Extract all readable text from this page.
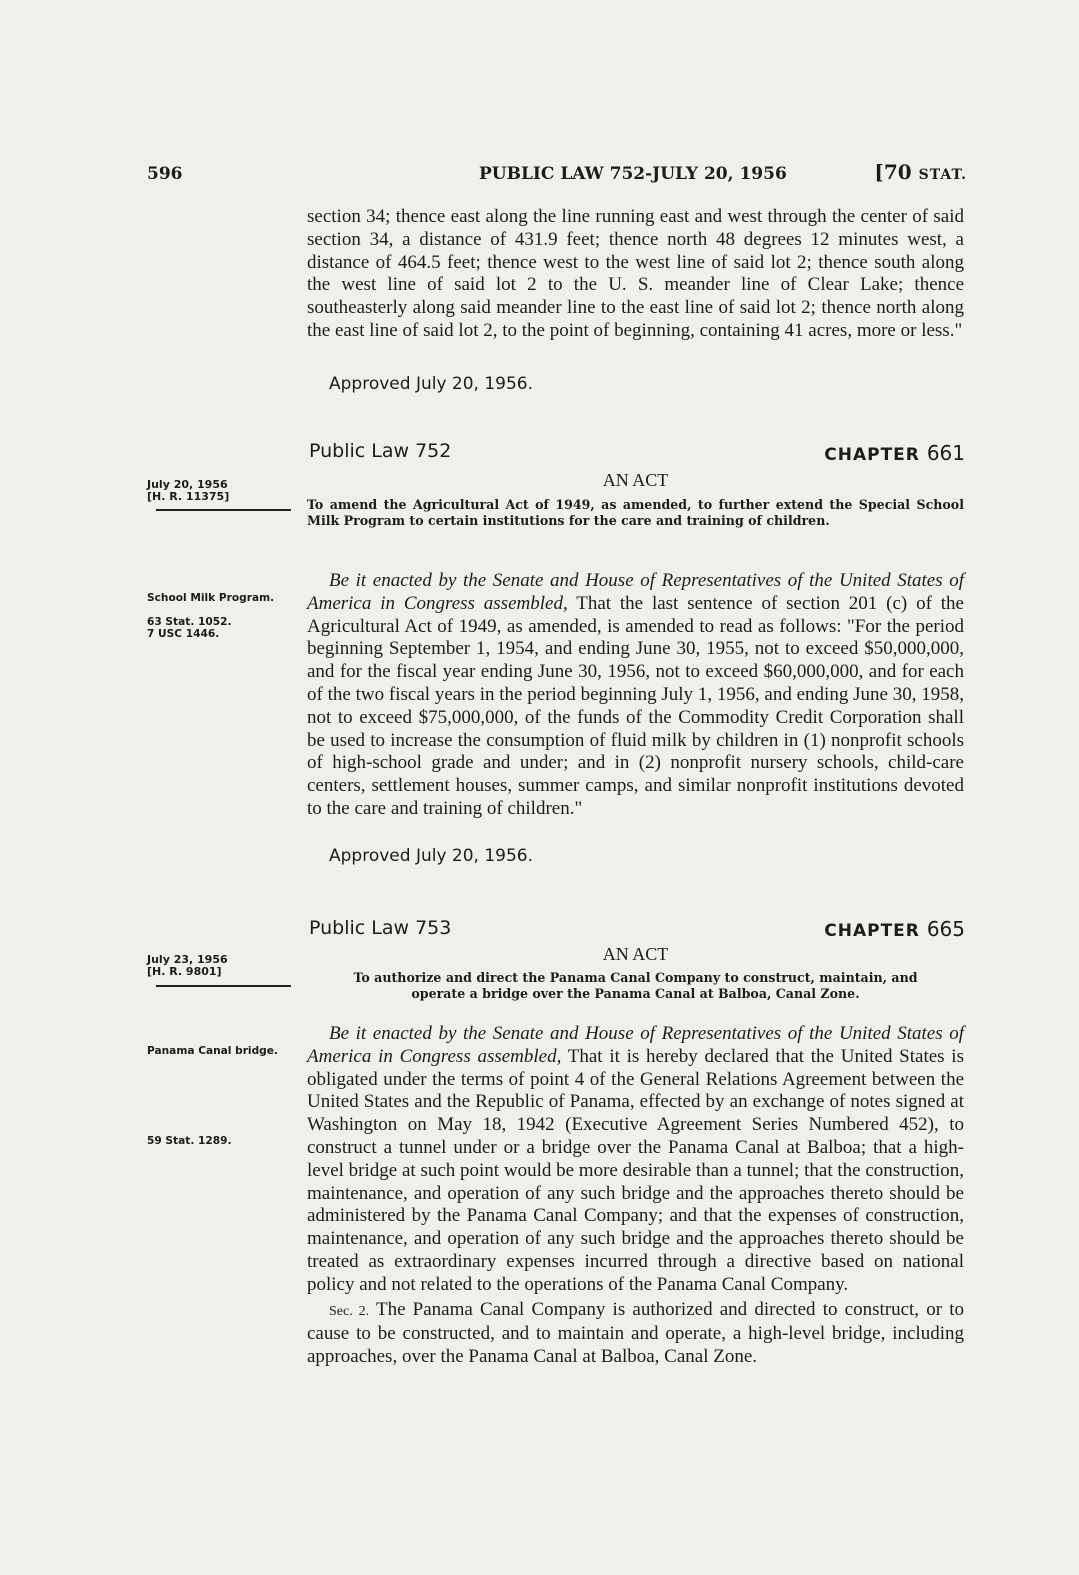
596	PUBLIC LAW 752-JULY 20, 1956	[70 STAT.

section 34; thence east along the line running east and west through the center of said section 34, a distance of 431.9 feet; thence north 48 degrees 12 minutes west, a distance of 464.5 feet; thence west to the west line of said lot 2; thence south along the west line of said lot 2 to the U. S. meander line of Clear Lake; thence southeasterly along said meander line to the east line of said lot 2; thence north along the east line of said lot 2, to the point of beginning, containing 41 acres, more or less."

Approved July 20, 1956.
Public Law 752	CHAPTER 661
AN ACT
To amend the Agricultural Act of 1949, as amended, to further extend the Special School Milk Program to certain institutions for the care and training of children.
July 20, 1956
[H. R. 11375]

Be it enacted by the Senate and House of Representatives of the United States of America in Congress assembled, That the last sentence of section 201 (c) of the Agricultural Act of 1949, as amended, is amended to read as follows: "For the period beginning September 1, 1954, and ending June 30, 1955, not to exceed $50,000,000, and for the fiscal year ending June 30, 1956, not to exceed $60,000,000, and for each of the two fiscal years in the period beginning July 1, 1956, and ending June 30, 1958, not to exceed $75,000,000, of the funds of the Commodity Credit Corporation shall be used to increase the consumption of fluid milk by children in (1) nonprofit schools of high-school grade and under; and in (2) nonprofit nursery schools, child-care centers, settlement houses, summer camps, and similar nonprofit institutions devoted to the care and training of children."

School Milk Program.
63 Stat. 1052.
7 USC 1446.
Approved July 20, 1956.
Public Law 753	CHAPTER 665
AN ACT
To authorize and direct the Panama Canal Company to construct, maintain, and
operate a bridge over the Panama Canal at Balboa, Canal Zone.
July 23, 1956
[H. R. 9801]

Be it enacted by the Senate and House of Representatives of the United States of America in Congress assembled, That it is hereby declared that the United States is obligated under the terms of point 4 of the General Relations Agreement between the United States and the Republic of Panama, effected by an exchange of notes signed at Washington on May 18, 1942 (Executive Agreement Series Numbered 452), to construct a tunnel under or a bridge over the Panama Canal at Balboa; that a high-level bridge at such point would be more desirable than a tunnel; that the construction, maintenance, and operation of any such bridge and the approaches thereto should be administered by the Panama Canal Company; and that the expenses of construction, maintenance, and operation of any such bridge and the approaches thereto should be treated as extraordinary expenses incurred through a directive based on national policy and not related to the operations of the Panama Canal Company.

Sec. 2. The Panama Canal Company is authorized and directed to construct, or to cause to be constructed, and to maintain and operate, a high-level bridge, including approaches, over the Panama Canal at Balboa, Canal Zone.

Panama Canal bridge.
59 Stat. 1289.
